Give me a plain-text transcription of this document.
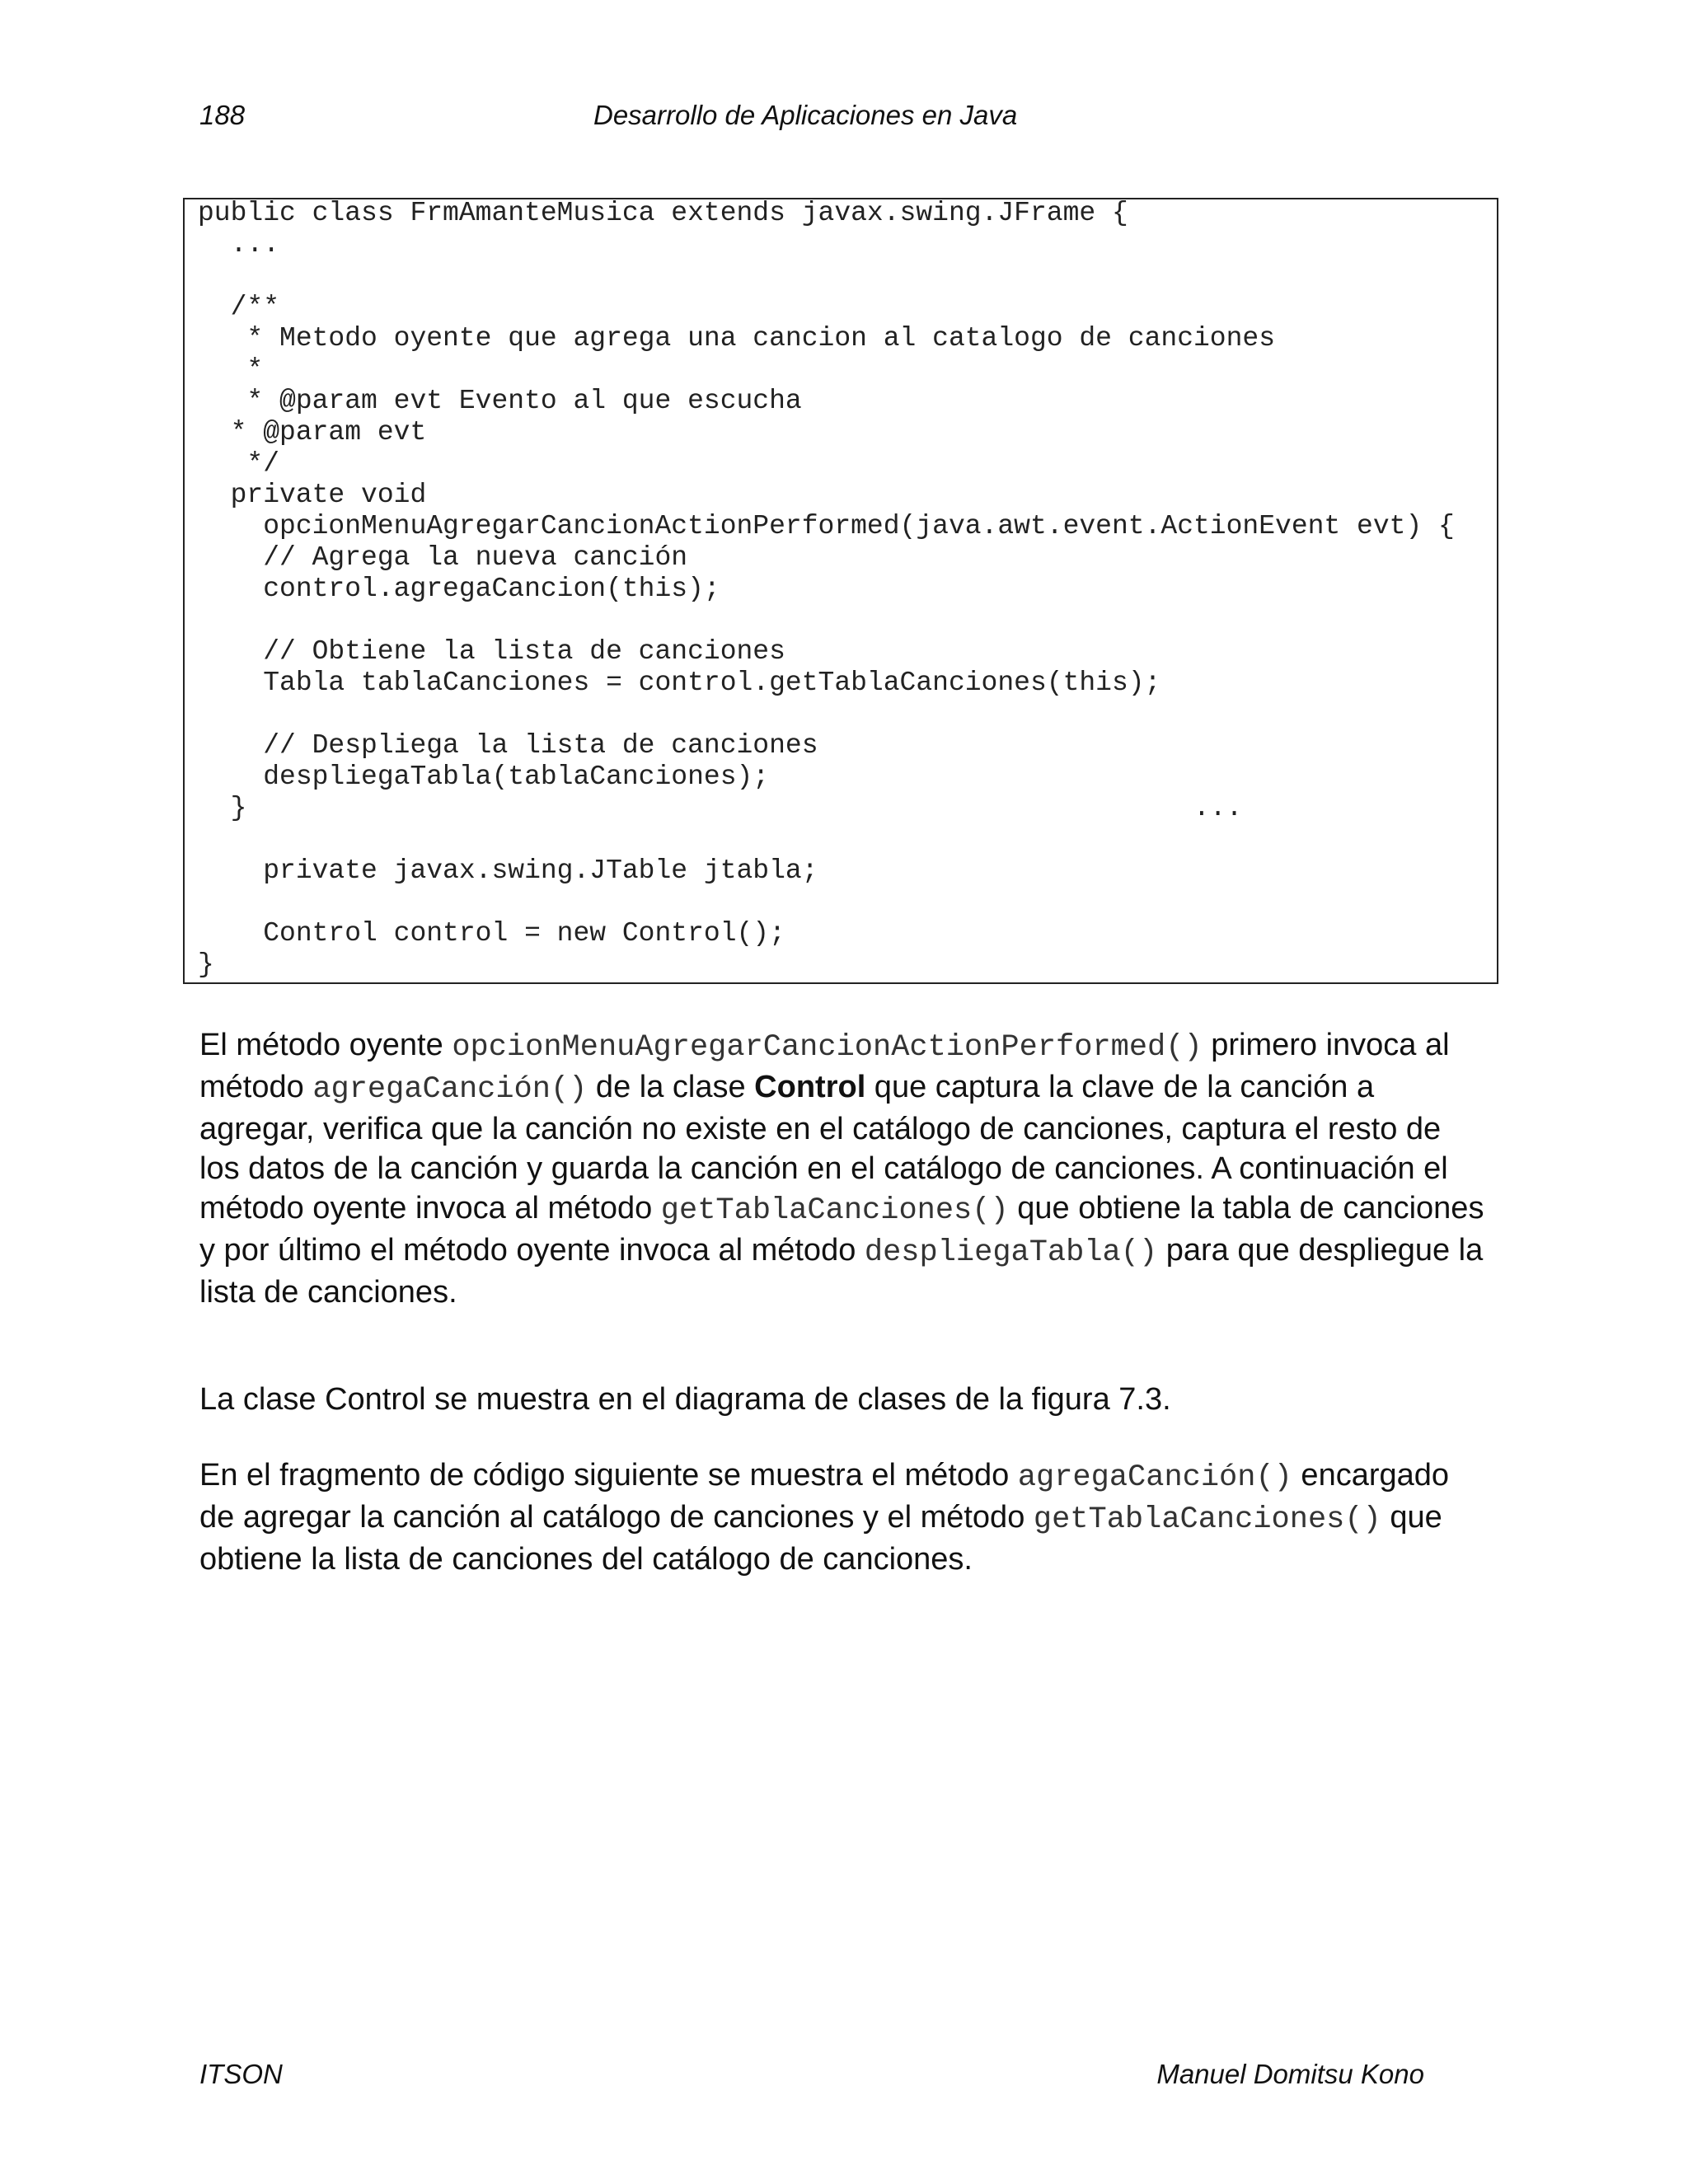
188	Desarrollo de Aplicaciones en Java
public class FrmAmanteMusica extends javax.swing.JFrame {
...
/**
* Metodo oyente que agrega una cancion al catalogo de canciones
*
* @param evt Evento al que escucha
* @param evt
*/
private void
opcionMenuAgregarCancionActionPerformed(java.awt.event.ActionEvent evt) {
// Agrega la nueva canción
control.agregaCancion(this);
// Obtiene la lista de canciones
Tabla tablaCanciones = control.getTablaCanciones(this);
// Despliega la lista de canciones
despliegaTabla(tablaCanciones);
}                                                          ...
private javax.swing.JTable jtabla;
Control control = new Control();
}
El método oyente opcionMenuAgregarCancionActionPerformed() primero invoca al método agregaCanción() de la clase Control que captura la clave de la canción a agregar, verifica que la canción no existe en el catálogo de canciones, captura el resto de los datos de la canción y guarda la canción en el catálogo de canciones. A continuación el método oyente invoca al método getTablaCanciones() que obtiene la tabla de canciones y por último el método oyente invoca al método despliegaTabla() para que despliegue la lista de canciones.
La clase Control se muestra en el diagrama de clases de la figura 7.3.
En el fragmento de código siguiente se muestra el método agregaCanción() encargado de agregar la canción al catálogo de canciones y el método getTablaCanciones() que obtiene la lista de canciones del catálogo de canciones.
ITSON	Manuel Domitsu Kono
